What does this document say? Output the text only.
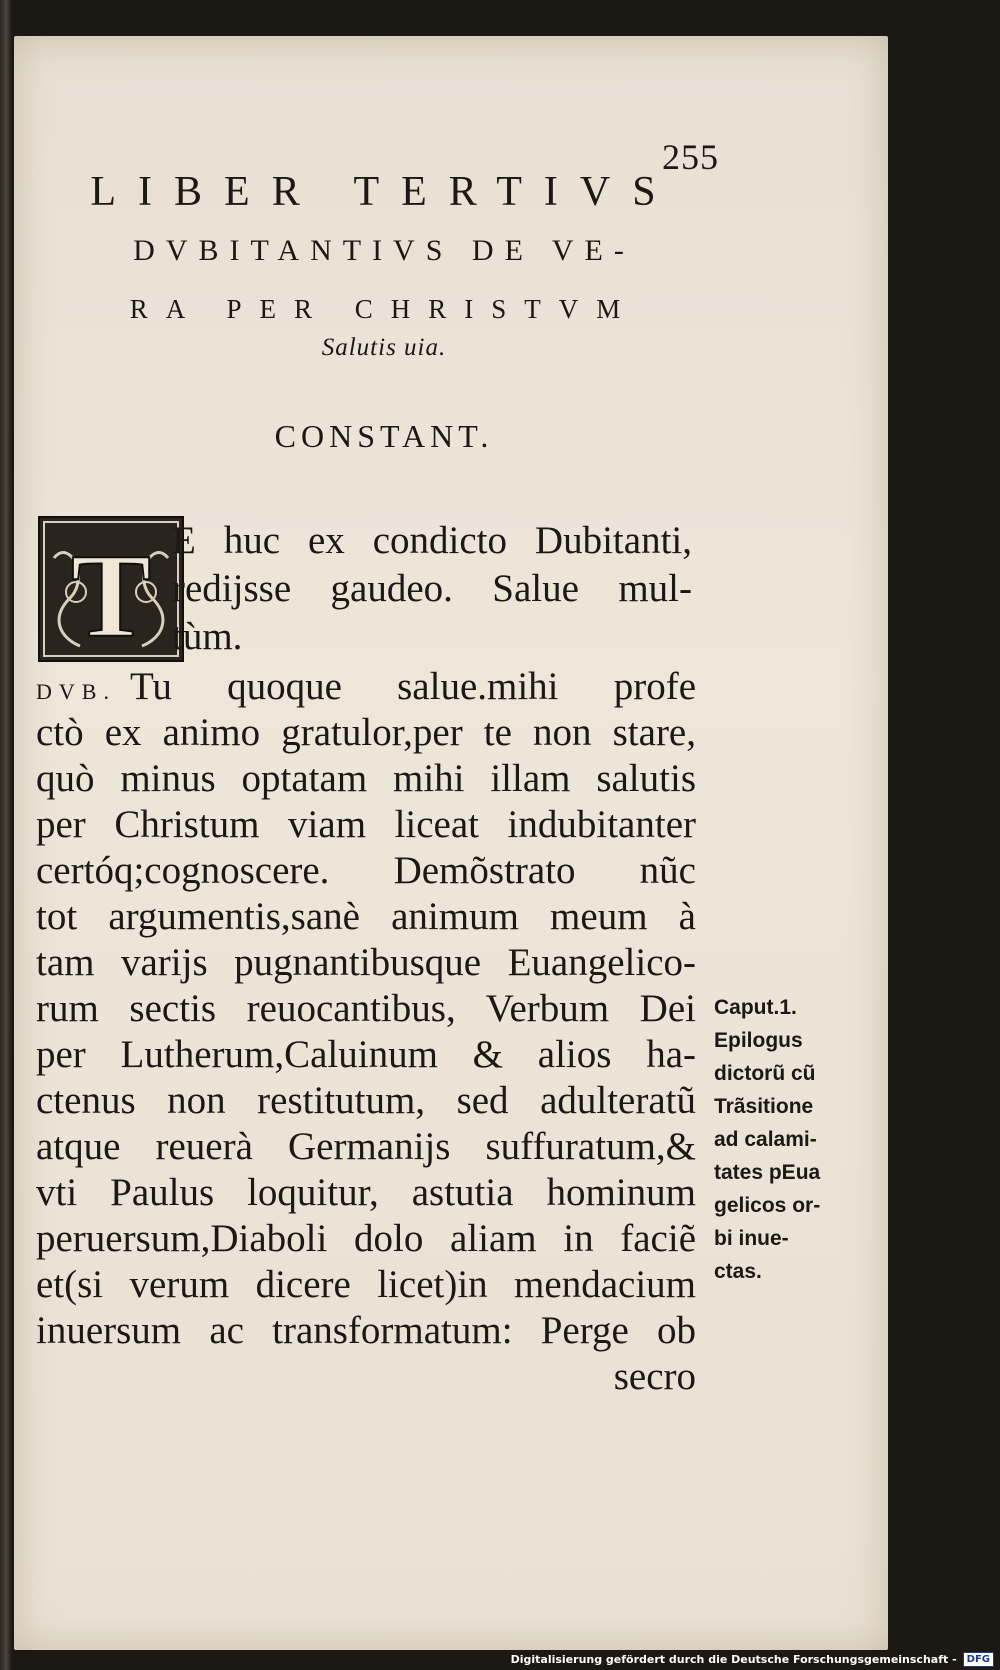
255
LIBER TERTIVS
DVBITANTIVS DE VE-
RA PER CHRISTVM
Salutis uia.
CONSTANT.
T E huc ex condicto Dubitanti,
redijsse gaudeo. Salue mul-
tùm.
DVB. Tu quoque salue.mihi profe
ctò ex animo gratulor,per te non stare,
quò minus optatam mihi illam salutis
per Christum viam liceat indubitanter
certóq;cognoscere. Demõstrato nũc
tot argumentis,sanè animum meum à
tam varijs pugnantibusque Euangelico-
rum sectis reuocantibus, Verbum Dei
per Lutherum,Caluinum & alios ha-
ctenus non restitutum, sed adulteratũ
atque reuerà Germanijs suffuratum,&
vti Paulus loquitur, astutia hominum
peruersum,Diaboli dolo aliam in faciẽ
et(si verum dicere licet)in mendacium
inuersum ac transformatum: Perge ob
secro
Caput.1.
Epilogus
dictorũ cũ
Trãsitione
ad calami-
tates pEua
gelicos or-
bi inue-
ctas.
Digitalisierung gefördert durch die Deutsche Forschungsgemeinschaft -	DFG
